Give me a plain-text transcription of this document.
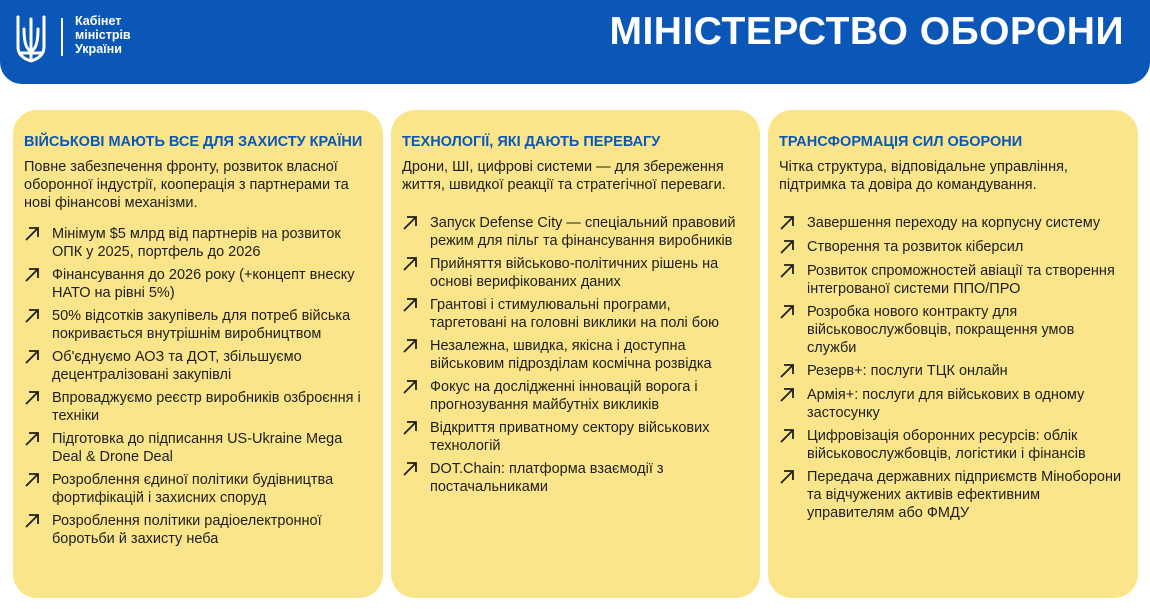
Кабінет
міністрів
України	МІНІСТЕРСТВО ОБОРОНИ
ВІЙСЬКОВІ МАЮТЬ ВСЕ ДЛЯ ЗАХИСТУ КРАЇНИ
Повне забезпечення фронту, розвиток власної оборонної індустрії, кооперація з партнерами та нові фінансові механізми.
Мінімум $5 млрд від партнерів на розвиток ОПК у 2025, портфель до 2026
Фінансування до 2026 року (+концепт внеску НАТО на рівні 5%)
50% відсотків закупівель для потреб війська покривається внутрішнім виробництвом
Об'єднуємо АОЗ та ДОТ, збільшуємо децентралізовані закупівлі
Впроваджуємо реєстр виробників озброєння і техніки
Підготовка до підписання US-Ukraine Mega Deal & Drone Deal
Розроблення єдиної політики будівництва фортифікацій і захисних споруд
Розроблення політики радіоелектронної боротьби й захисту неба
ТЕХНОЛОГІЇ, ЯКІ ДАЮТЬ ПЕРЕВАГУ
Дрони, ШІ, цифрові системи — для збереження життя, швидкої реакції та стратегічної переваги.
Запуск Defense City — спеціальний правовий режим для пільг та фінансування виробників
Прийняття військово-політичних рішень на основі верифікованих даних
Грантові і стимулювальні програми, таргетовані на головні виклики на полі бою
Незалежна, швидка, якісна і доступна військовим підрозділам космічна розвідка
Фокус на дослідженні інновацій ворога і прогнозування майбутніх викликів
Відкриття приватному сектору військових технологій
DOT.Chain: платформа взаємодії з постачальниками
ТРАНСФОРМАЦІЯ СИЛ ОБОРОНИ
Чітка структура, відповідальне управління, підтримка та довіра до командування.
Завершення переходу на корпусну систему
Створення та розвиток кіберсил
Розвиток спроможностей авіації та створення інтегрованої системи ППО/ПРО
Розробка нового контракту для військовослужбовців, покращення умов служби
Резерв+: послуги ТЦК онлайн
Армія+: послуги для військових в одному застосунку
Цифровізація оборонних ресурсів: облік військовослужбовців, логістики і фінансів
Передача державних підприємств Міноборони та відчужених активів ефективним управителям або ФМДУ
